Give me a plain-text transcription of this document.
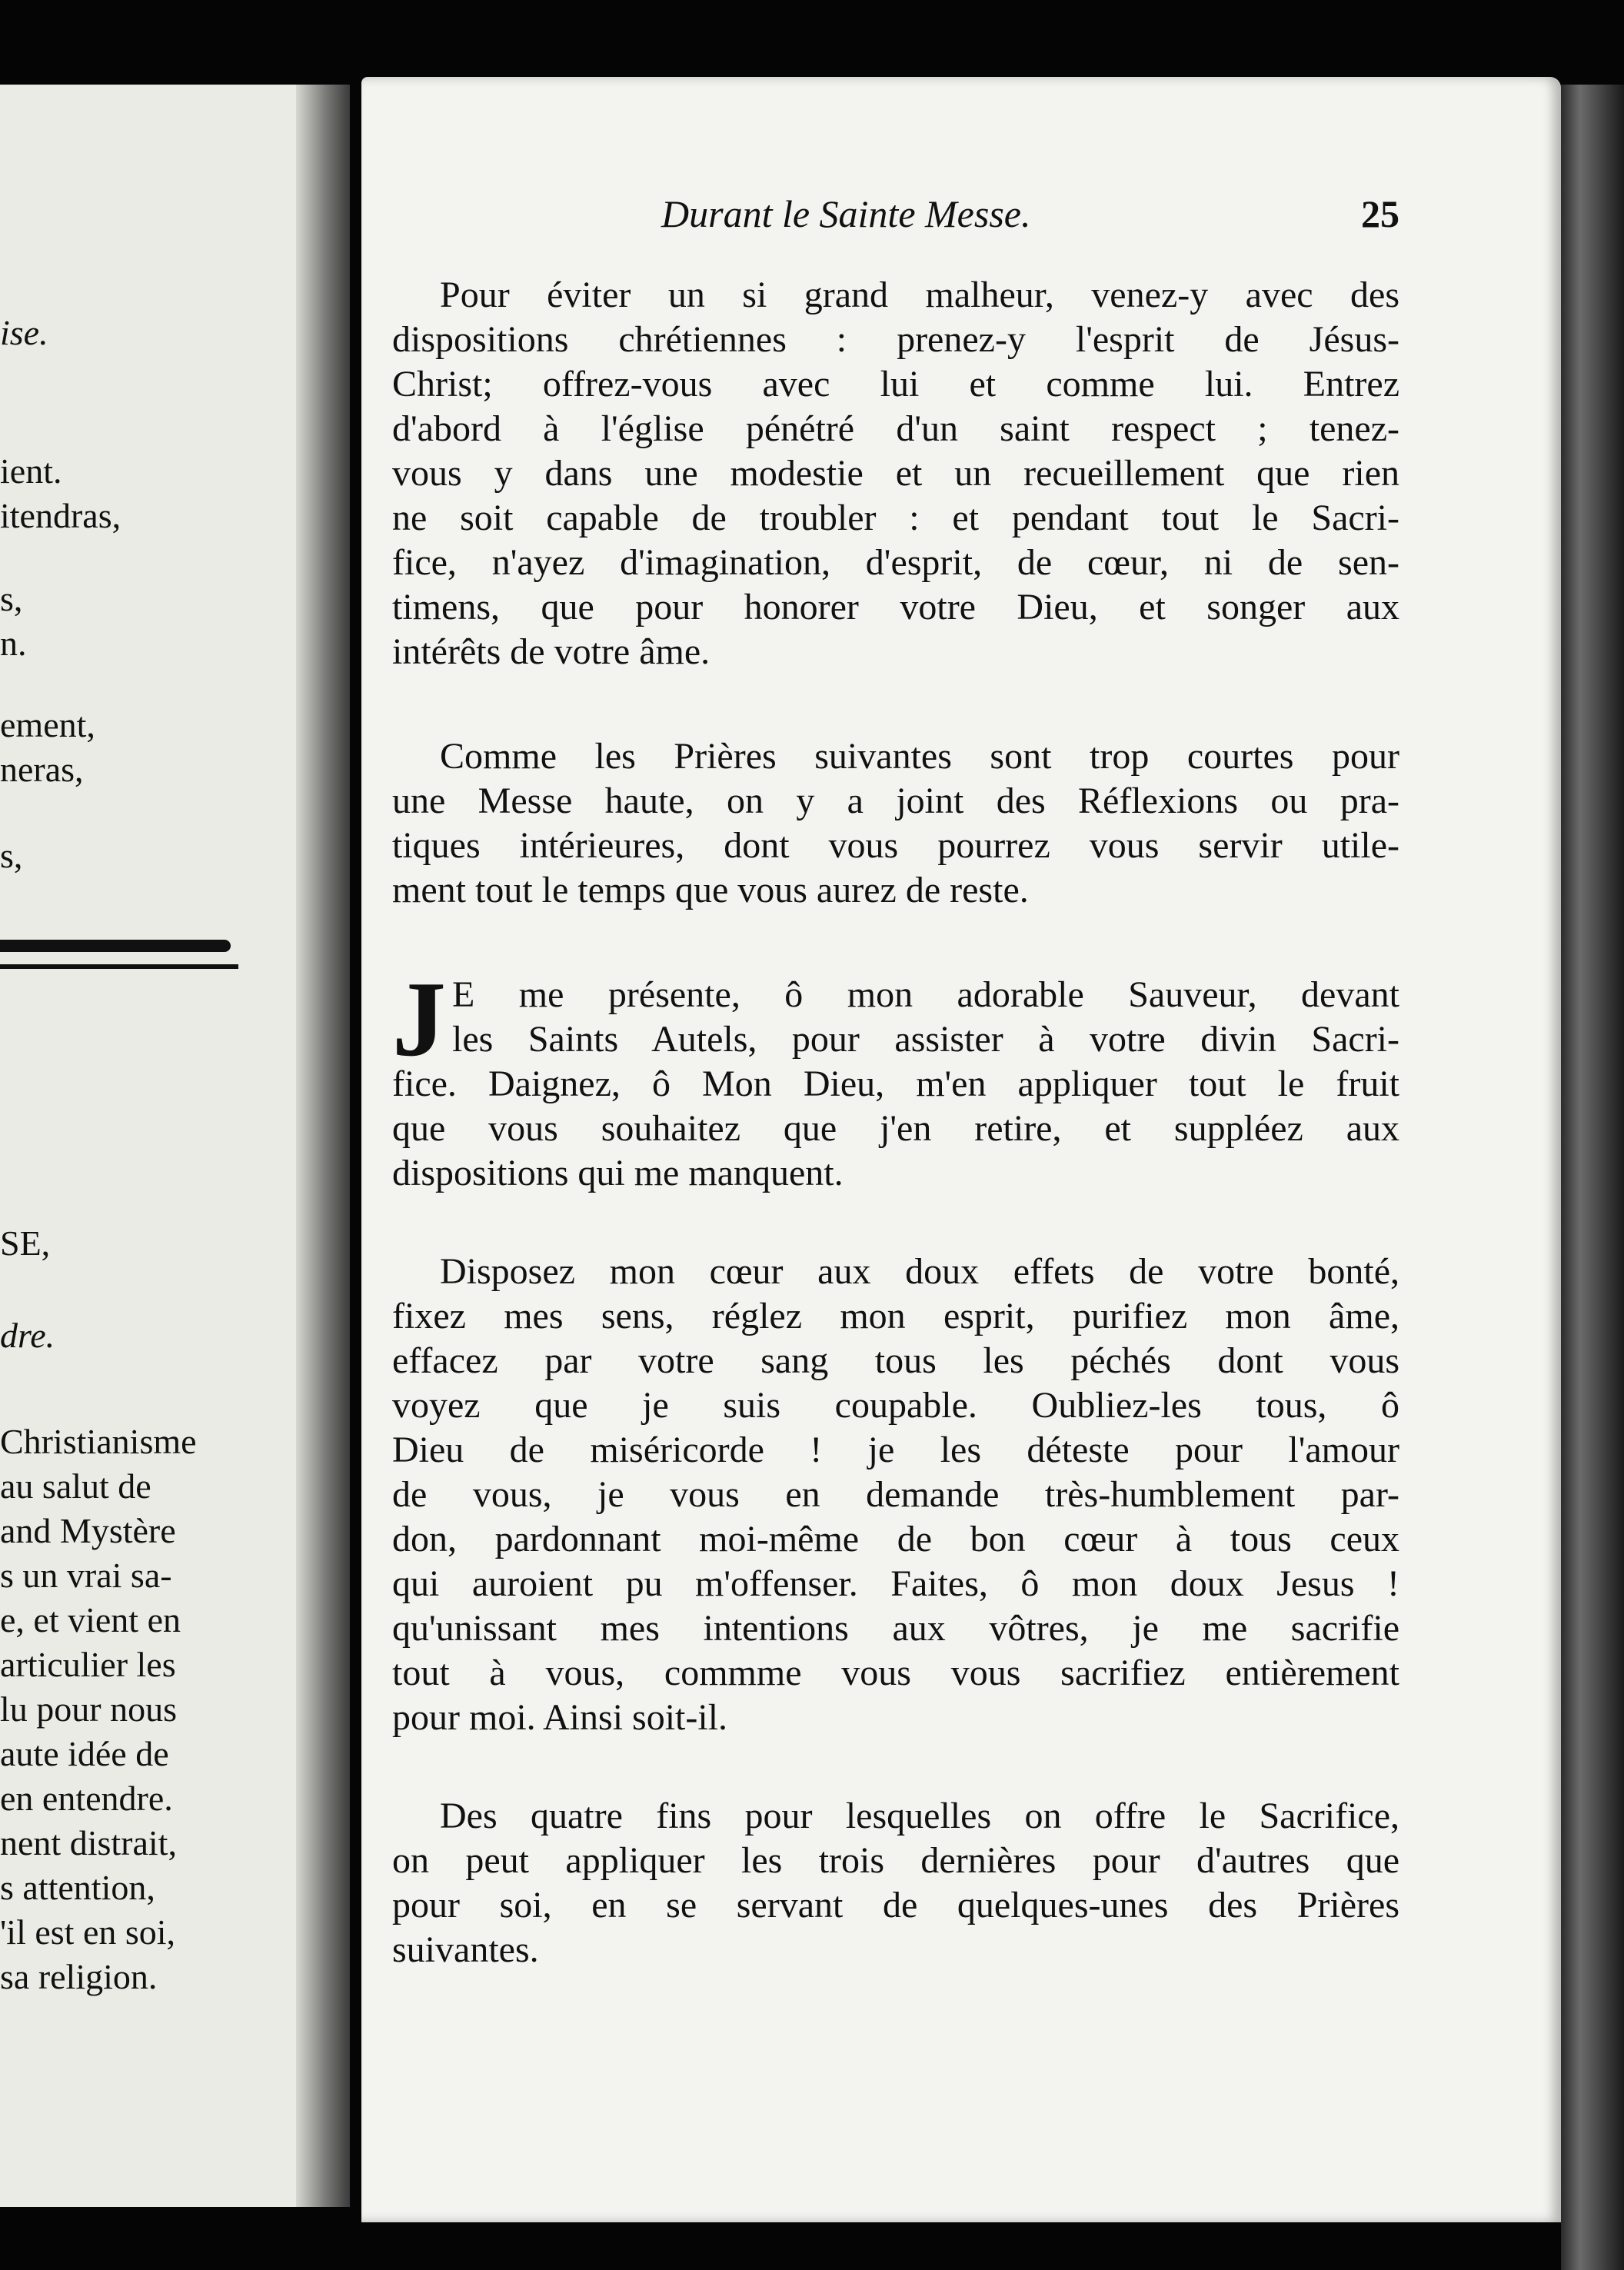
ise.
ient.
itendras,
s,
n.
ement,
neras,
s,
SE,
dre.
Christianisme
au salut de
and Mystère
s un vrai sa-
e, et vient en
articulier les
lu pour nous
aute idée de
en entendre.
nent distrait,
s attention,
'il est en soi,
sa religion.
Durant le Sainte Messe.	25
Pour éviter un si grand malheur, venez-y avec des
dispositions chrétiennes : prenez-y l'esprit de Jésus-
Christ; offrez-vous avec lui et comme lui. Entrez
d'abord à l'église pénétré d'un saint respect ; tenez-
vous y dans une modestie et un recueillement que rien
ne soit capable de troubler : et pendant tout le Sacri-
fice, n'ayez d'imagination, d'esprit, de cœur, ni de sen-
timens, que pour honorer votre Dieu, et songer aux
intérêts de votre âme.
Comme les Prières suivantes sont trop courtes pour
une Messe haute, on y a joint des Réflexions ou pra-
tiques intérieures, dont vous pourrez vous servir utile-
ment tout le temps que vous aurez de reste.
J E me présente, ô mon adorable Sauveur, devant
les Saints Autels, pour assister à votre divin Sacri-
fice. Daignez, ô Mon Dieu, m'en appliquer tout le fruit
que vous souhaitez que j'en retire, et suppléez aux
dispositions qui me manquent.
Disposez mon cœur aux doux effets de votre bonté,
fixez mes sens, réglez mon esprit, purifiez mon âme,
effacez par votre sang tous les péchés dont vous
voyez que je suis coupable. Oubliez-les tous, ô
Dieu de miséricorde ! je les déteste pour l'amour
de vous, je vous en demande très-humblement par-
don, pardonnant moi-même de bon cœur à tous ceux
qui auroient pu m'offenser. Faites, ô mon doux Jesus !
qu'unissant mes intentions aux vôtres, je me sacrifie
tout à vous, commme vous vous sacrifiez entièrement
pour moi. Ainsi soit-il.
Des quatre fins pour lesquelles on offre le Sacrifice,
on peut appliquer les trois dernières pour d'autres que
pour soi, en se servant de quelques-unes des Prières
suivantes.
